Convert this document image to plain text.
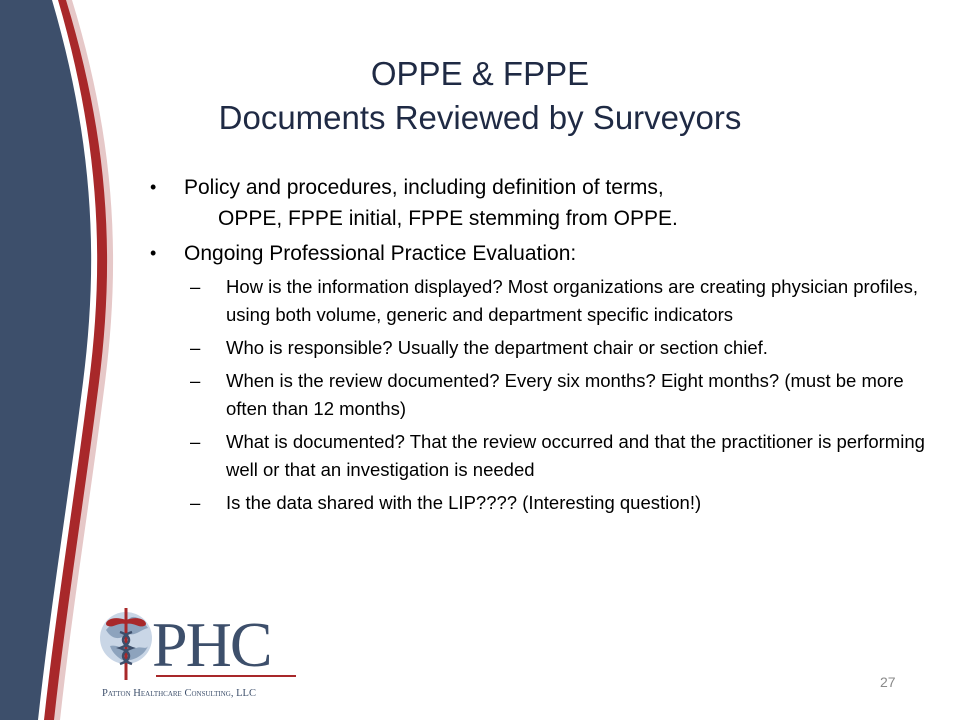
OPPE & FPPE
Documents Reviewed by Surveyors
• Policy and procedures, including definition of terms,
OPPE, FPPE initial, FPPE stemming from OPPE.
• Ongoing Professional Practice Evaluation:
– How is the information displayed? Most organizations are creating physician profiles, using both volume, generic and department specific indicators
– Who is responsible? Usually the department chair or section chief.
– When is the review documented? Every six months? Eight months? (must be more often than 12 months)
– What is documented? That the review occurred and that the practitioner is performing well or that an investigation is needed
– Is the data shared with the LIP???? (Interesting question!)
PHC
Patton Healthcare Consulting, LLC
27
